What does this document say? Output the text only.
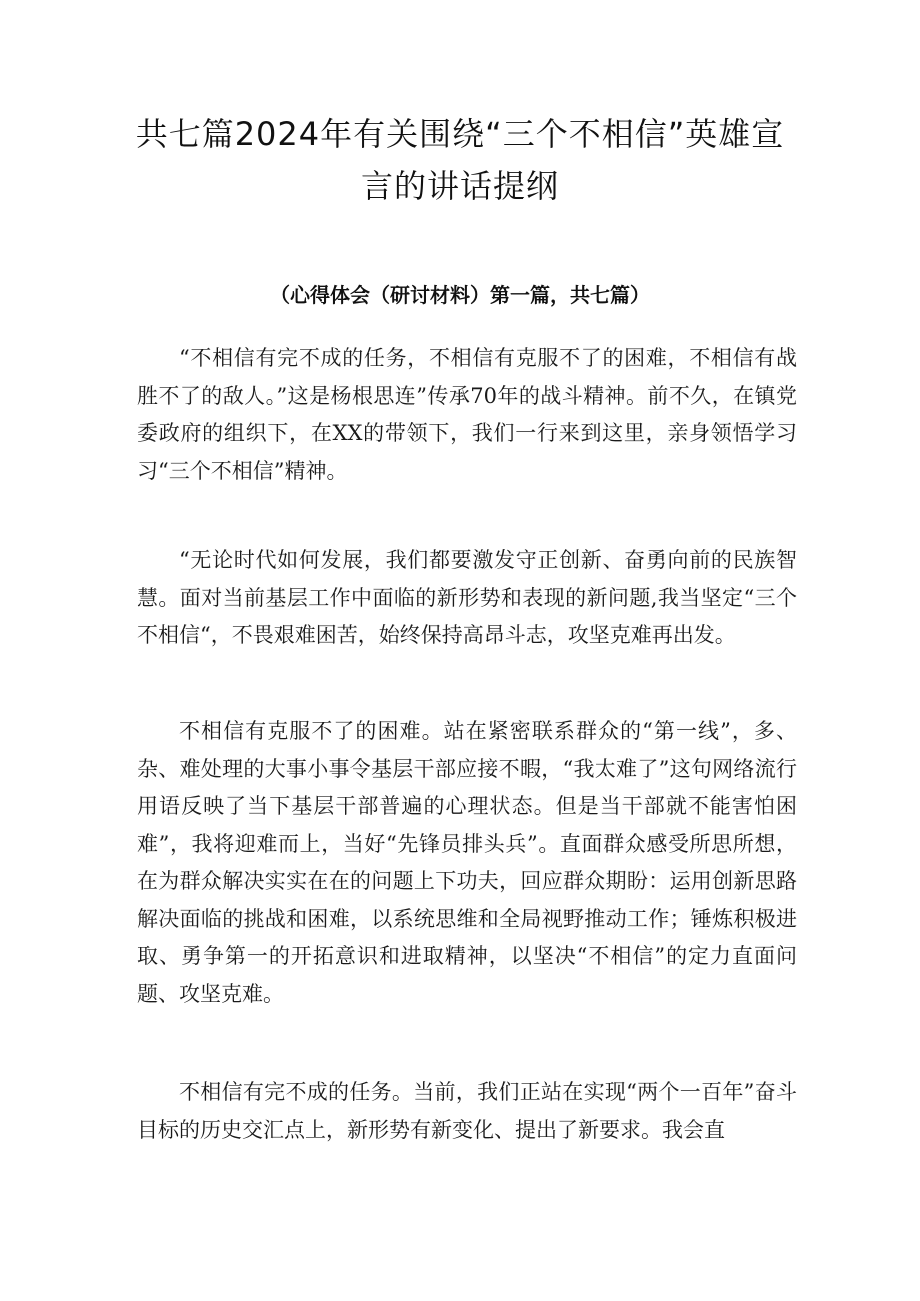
共七篇2024年有关围绕“三个不相信”英雄宣言的讲话提纲
（心得体会（研讨材料）第一篇，共七篇）

“不相信有完不成的任务，不相信有克服不了的困难，不相信有战胜不了的敌人。”这是杨根思连”传承70年的战斗精神。前不久，在镇党委政府的组织下，在XX的带领下，我们一行来到这里，亲身领悟学习习“三个不相信”精神。

“无论时代如何发展，我们都要激发守正创新、奋勇向前的民族智慧。面对当前基层工作中面临的新形势和表现的新问题,我当坚定“三个不相信“，不畏艰难困苦，始终保持高昂斗志，攻坚克难再出发。

不相信有克服不了的困难。站在紧密联系群众的“第一线”，多、杂、难处理的大事小事令基层干部应接不暇，“我太难了”这句网络流行用语反映了当下基层干部普遍的心理状态。但是当干部就不能害怕困难”，我将迎难而上，当好“先锋员排头兵”。直面群众感受所思所想，在为群众解决实实在在的问题上下功夫，回应群众期盼：运用创新思路解决面临的挑战和困难，以系统思维和全局视野推动工作；锤炼积极进取、勇争第一的开拓意识和进取精神，以坚决“不相信”的定力直面问题、攻坚克难。

不相信有完不成的任务。当前，我们正站在实现“两个一百年”奋斗目标的历史交汇点上，新形势有新变化、提出了新要求。我会直
